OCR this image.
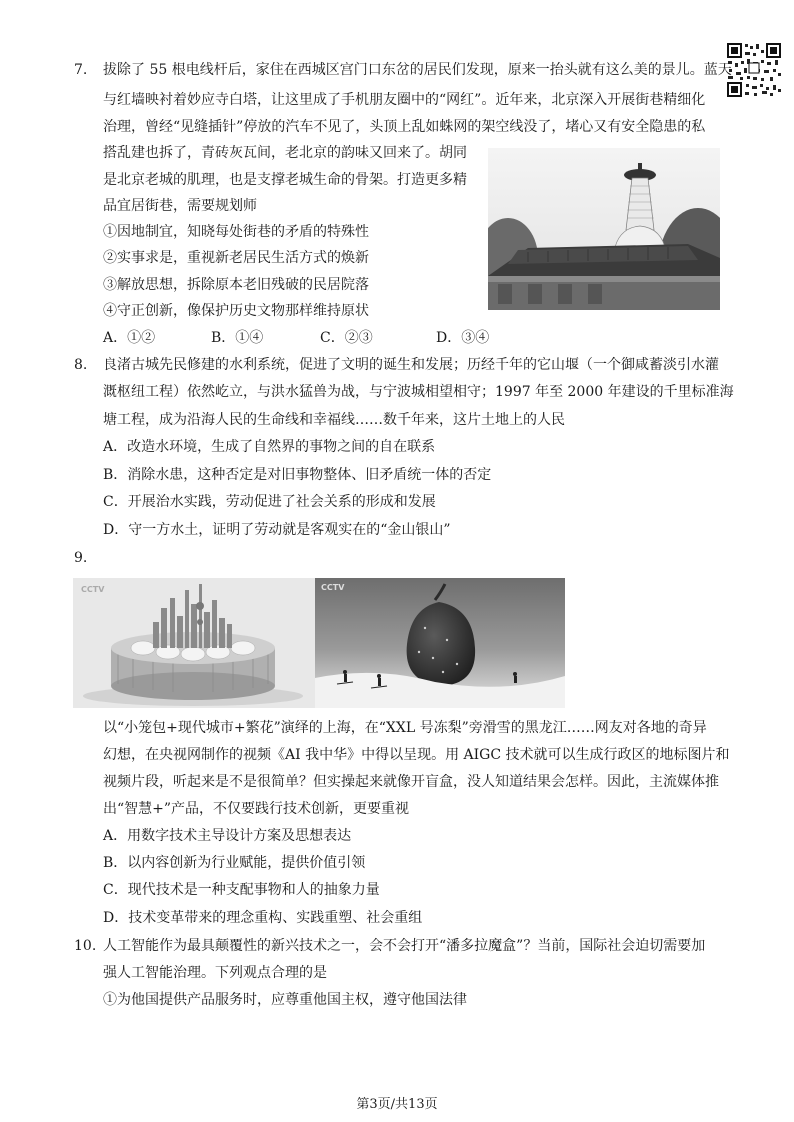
7. 拔除了 55 根电线杆后，家住在西城区宫门口东岔的居民们发现，原来一抬头就有这么美的景儿。蓝天
与红墙映衬着妙应寺白塔，让这里成了手机朋友圈中的“网红”。近年来，北京深入开展街巷精细化
治理，曾经“见缝插针”停放的汽车不见了，头顶上乱如蛛网的架空线没了，堵心又有安全隐患的私
搭乱建也拆了，青砖灰瓦间，老北京的韵味又回来了。胡同
是北京老城的肌理，也是支撑老城生命的骨架。打造更多精
品宜居街巷，需要规划师
①因地制宜，知晓每处街巷的矛盾的特殊性
②实事求是，重视新老居民生活方式的焕新
③解放思想，拆除原本老旧残破的民居院落
④守正创新，像保护历史文物那样维持原状
A．①②	B．①④	C．②③	D．③④
8. 良渚古城先民修建的水利系统，促进了文明的诞生和发展；历经千年的它山堰（一个御咸蓄淡引水灌
溉枢纽工程）依然屹立，与洪水猛兽为战，与宁波城相望相守；1997 年至 2000 年建设的千里标准海
塘工程，成为沿海人民的生命线和幸福线……数千年来，这片土地上的人民
A．改造水环境，生成了自然界的事物之间的自在联系
B．消除水患，这种否定是对旧事物整体、旧矛盾统一体的否定
C．开展治水实践，劳动促进了社会关系的形成和发展
D．守一方水土，证明了劳动就是客观实在的“金山银山”
9.
CCTV	CCTV
以“小笼包+现代城市+繁花”演绎的上海，在“XXL 号冻梨”旁滑雪的黑龙江……网友对各地的奇异
幻想，在央视网制作的视频《AI 我中华》中得以呈现。用 AIGC 技术就可以生成行政区的地标图片和
视频片段，听起来是不是很简单？但实操起来就像开盲盒，没人知道结果会怎样。因此，主流媒体推
出“智慧+”产品，不仅要践行技术创新，更要重视
A．用数字技术主导设计方案及思想表达
B．以内容创新为行业赋能，提供价值引领
C．现代技术是一种支配事物和人的抽象力量
D．技术变革带来的理念重构、实践重塑、社会重组
10. 人工智能作为最具颠覆性的新兴技术之一，会不会打开“潘多拉魔盒”？当前，国际社会迫切需要加
强人工智能治理。下列观点合理的是
①为他国提供产品服务时，应尊重他国主权，遵守他国法律
第3页/共13页
